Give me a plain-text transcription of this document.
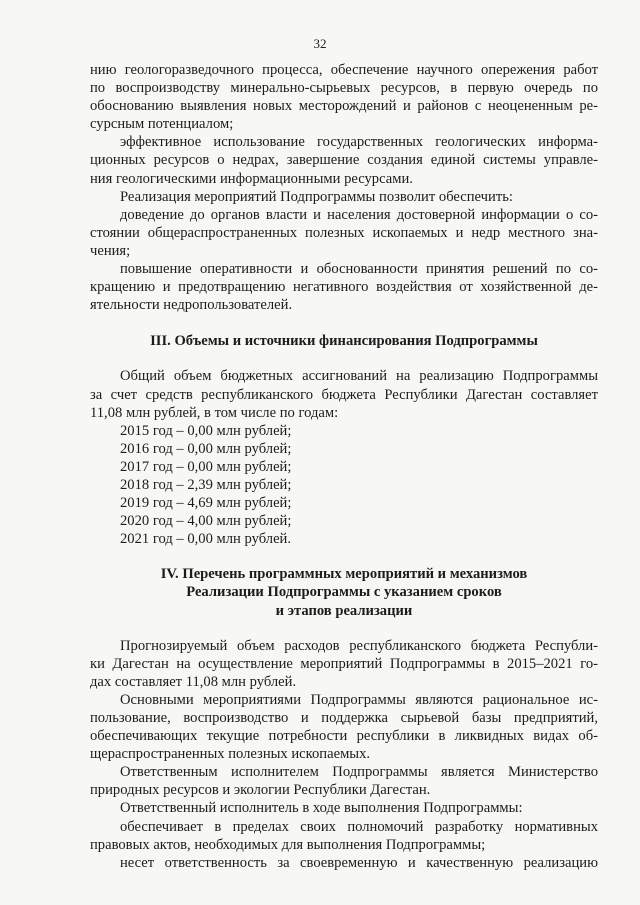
32
нию геологоразведочного процесса, обеспечение научного опережения работ
по воспроизводству минерально-сырьевых ресурсов, в первую очередь по
обоснованию выявления новых месторождений и районов с неоцененным ре-
сурсным потенциалом;
эффективное использование государственных геологических информа-
ционных ресурсов о недрах, завершение создания единой системы управле-
ния геологическими информационными ресурсами.
Реализация мероприятий Подпрограммы позволит обеспечить:
доведение до органов власти и населения достоверной информации о со-
стоянии общераспространенных полезных ископаемых и недр местного зна-
чения;
повышение оперативности и обоснованности принятия решений по со-
кращению и предотвращению негативного воздействия от хозяйственной де-
ятельности недропользователей.
III. Объемы и источники финансирования Подпрограммы
Общий объем бюджетных ассигнований на реализацию Подпрограммы
за счет средств республиканского бюджета Республики Дагестан составляет
11,08 млн рублей, в том числе по годам:
2015 год – 0,00 млн рублей;
2016 год – 0,00 млн рублей;
2017 год – 0,00 млн рублей;
2018 год – 2,39 млн рублей;
2019 год – 4,69 млн рублей;
2020 год – 4,00 млн рублей;
2021 год – 0,00 млн рублей.
IV. Перечень программных мероприятий и механизмов
Реализации Подпрограммы с указанием сроков
и этапов реализации
Прогнозируемый объем расходов республиканского бюджета Республи-
ки Дагестан на осуществление мероприятий Подпрограммы в 2015–2021 го-
дах составляет 11,08 млн рублей.
Основными мероприятиями Подпрограммы являются рациональное ис-
пользование, воспроизводство и поддержка сырьевой базы предприятий,
обеспечивающих текущие потребности республики в ликвидных видах об-
щераспространенных полезных ископаемых.
Ответственным исполнителем Подпрограммы является Министерство
природных ресурсов и экологии Республики Дагестан.
Ответственный исполнитель в ходе выполнения Подпрограммы:
обеспечивает в пределах своих полномочий разработку нормативных
правовых актов, необходимых для выполнения Подпрограммы;
несет ответственность за своевременную и качественную реализацию
